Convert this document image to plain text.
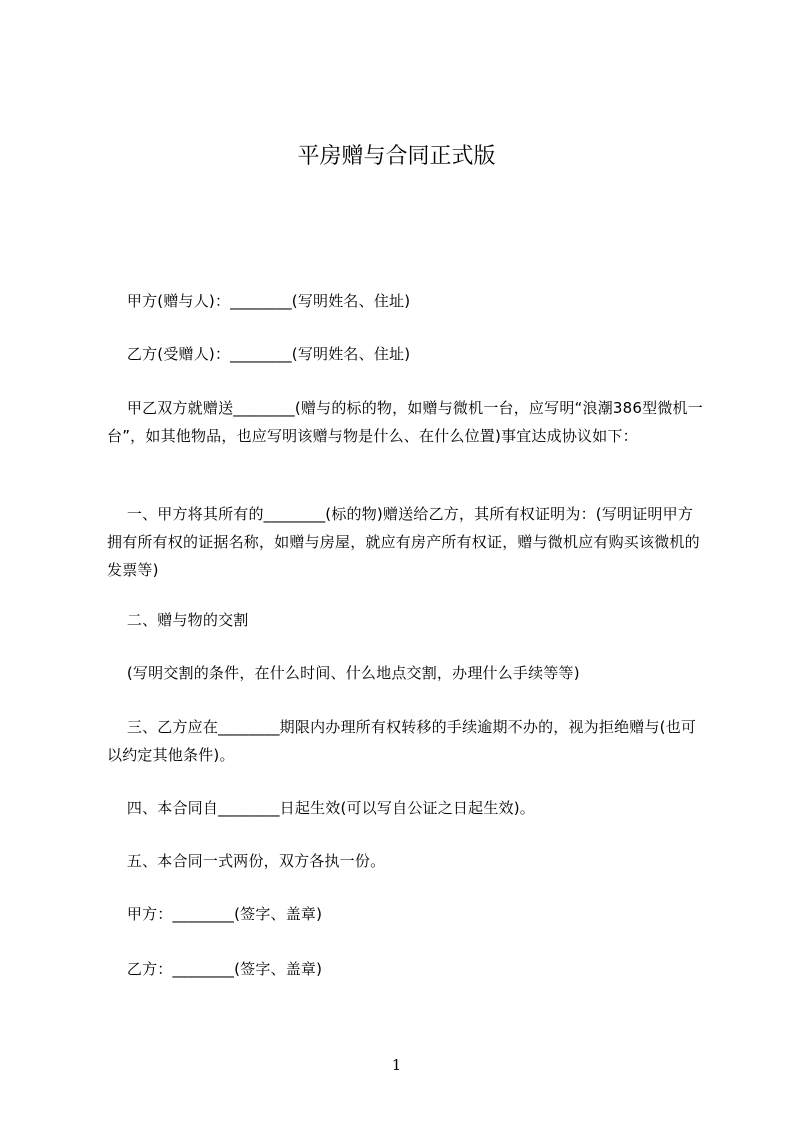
平房赠与合同正式版

甲方(赠与人)：________(写明姓名、住址)

乙方(受赠人)：________(写明姓名、住址)

甲乙双方就赠送________(赠与的标的物，如赠与微机一台，应写明“浪潮386型微机一台”，如其他物品，也应写明该赠与物是什么、在什么位置)事宜达成协议如下：

一、甲方将其所有的________(标的物)赠送给乙方，其所有权证明为：(写明证明甲方拥有所有权的证据名称，如赠与房屋，就应有房产所有权证，赠与微机应有购买该微机的发票等)

二、赠与物的交割

(写明交割的条件，在什么时间、什么地点交割，办理什么手续等等)

三、乙方应在________期限内办理所有权转移的手续逾期不办的，视为拒绝赠与(也可以约定其他条件)。

四、本合同自________日起生效(可以写自公证之日起生效)。

五、本合同一式两份，双方各执一份。

甲方：________(签字、盖章)

乙方：________(签字、盖章)

1
